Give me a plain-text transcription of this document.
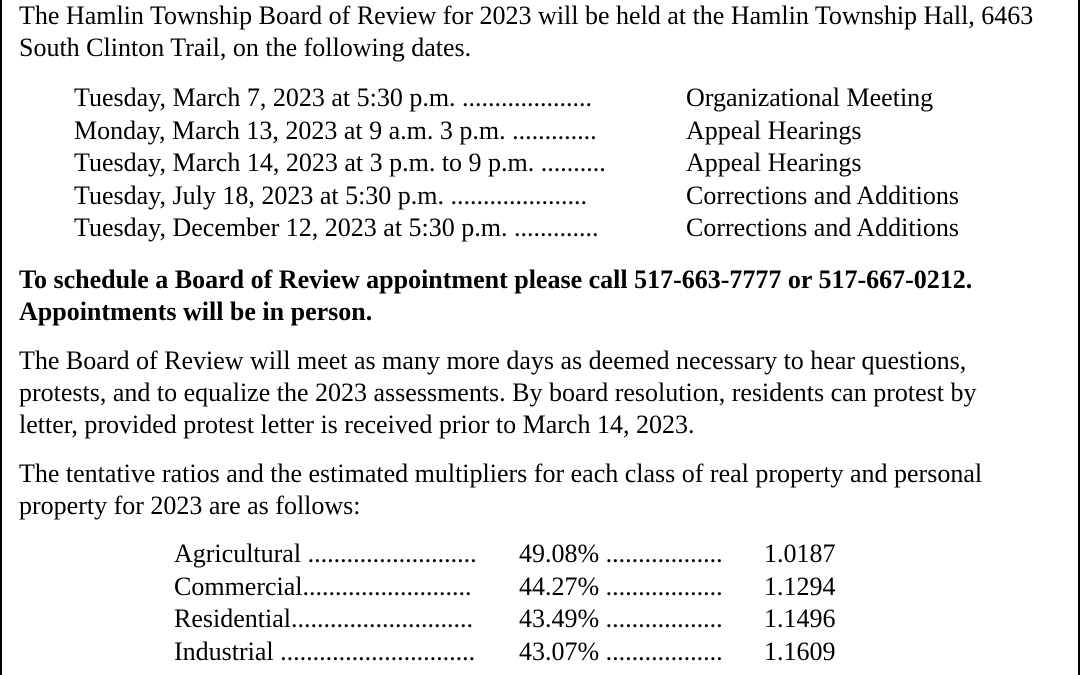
The Hamlin Township Board of Review for 2023 will be held at the Hamlin Township Hall, 6463 South Clinton Trail, on the following dates.

Tuesday, March 7, 2023 at 5:30 p.m. ....................	Organizational Meeting
Monday, March 13, 2023 at 9 a.m. 3 p.m. .............	Appeal Hearings
Tuesday, March 14, 2023 at 3 p.m. to 9 p.m. ..........	Appeal Hearings
Tuesday, July 18, 2023 at 5:30 p.m. .....................	Corrections and Additions
Tuesday, December 12, 2023 at 5:30 p.m. .............	Corrections and Additions

To schedule a Board of Review appointment please call 517-663-7777 or 517-667-0212. Appointments will be in person.

The Board of Review will meet as many more days as deemed necessary to hear questions, protests, and to equalize the 2023 assessments. By board resolution, residents can protest by letter, provided protest letter is received prior to March 14, 2023.

The tentative ratios and the estimated multipliers for each class of real property and personal property for 2023 are as follows:

Agricultural .......................... 49.08% .................. 1.0187
Commercial.......................... 44.27% .................. 1.1294
Residential............................ 43.49% .................. 1.1496
Industrial .............................. 43.07% .................. 1.1609
